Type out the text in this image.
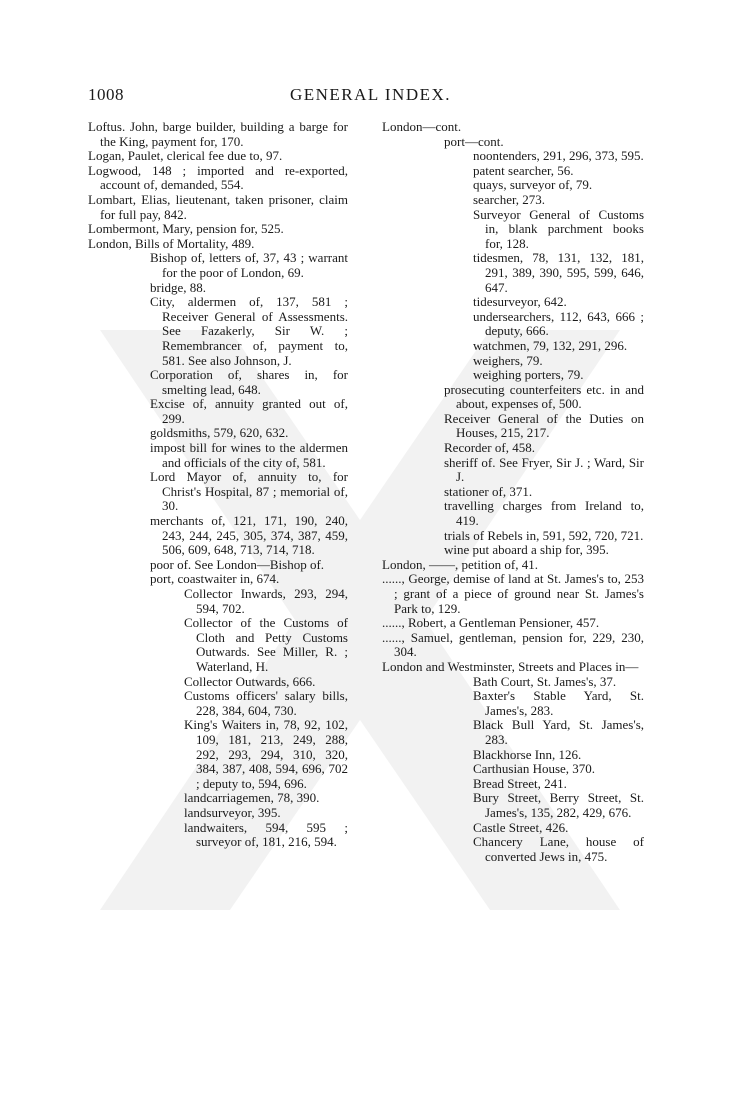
1008	GENERAL INDEX.

Loftus. John, barge builder, building a barge for the King, payment for, 170.

Logan, Paulet, clerical fee due to, 97.

Logwood, 148 ; imported and re-exported, account of, demanded, 554.

Lombart, Elias, lieutenant, taken prisoner, claim for full pay, 842.

Lombermont, Mary, pension for, 525.

London, Bills of Mortality, 489.

Bishop of, letters of, 37, 43 ; warrant for the poor of London, 69.

bridge, 88.

City, aldermen of, 137, 581 ; Receiver General of Assessments. See Fazakerly, Sir W. ; Remembrancer of, payment to, 581. See also Johnson, J.

Corporation of, shares in, for smelting lead, 648.

Excise of, annuity granted out of, 299.

goldsmiths, 579, 620, 632.

impost bill for wines to the aldermen and officials of the city of, 581.

Lord Mayor of, annuity to, for Christ's Hospital, 87 ; memorial of, 30.

merchants of, 121, 171, 190, 240, 243, 244, 245, 305, 374, 387, 459, 506, 609, 648, 713, 714, 718.

poor of. See London—Bishop of.

port, coastwaiter in, 674.

Collector Inwards, 293, 294, 594, 702.

Collector of the Customs of Cloth and Petty Customs Outwards. See Miller, R. ; Waterland, H.

Collector Outwards, 666.

Customs officers' salary bills, 228, 384, 604, 730.

King's Waiters in, 78, 92, 102, 109, 181, 213, 249, 288, 292, 293, 294, 310, 320, 384, 387, 408, 594, 696, 702 ; deputy to, 594, 696.

landcarriagemen, 78, 390.

landsurveyor, 395.

landwaiters, 594, 595 ; surveyor of, 181, 216, 594.

London—cont.

port—cont.

noontenders, 291, 296, 373, 595.

patent searcher, 56.

quays, surveyor of, 79.

searcher, 273.

Surveyor General of Customs in, blank parchment books for, 128.

tidesmen, 78, 131, 132, 181, 291, 389, 390, 595, 599, 646, 647.

tidesurveyor, 642.

undersearchers, 112, 643, 666 ; deputy, 666.

watchmen, 79, 132, 291, 296.

weighers, 79.

weighing porters, 79.

prosecuting counterfeiters etc. in and about, expenses of, 500.

Receiver General of the Duties on Houses, 215, 217.

Recorder of, 458.

sheriff of. See Fryer, Sir J. ; Ward, Sir J.

stationer of, 371.

travelling charges from Ireland to, 419.

trials of Rebels in, 591, 592, 720, 721.

wine put aboard a ship for, 395.

London, ——, petition of, 41.

......, George, demise of land at St. James's to, 253 ; grant of a piece of ground near St. James's Park to, 129.

......, Robert, a Gentleman Pensioner, 457.

......, Samuel, gentleman, pension for, 229, 230, 304.

London and Westminster, Streets and Places in—

Bath Court, St. James's, 37.

Baxter's Stable Yard, St. James's, 283.

Black Bull Yard, St. James's, 283.

Blackhorse Inn, 126.

Carthusian House, 370.

Bread Street, 241.

Bury Street, Berry Street, St. James's, 135, 282, 429, 676.

Castle Street, 426.

Chancery Lane, house of converted Jews in, 475.
